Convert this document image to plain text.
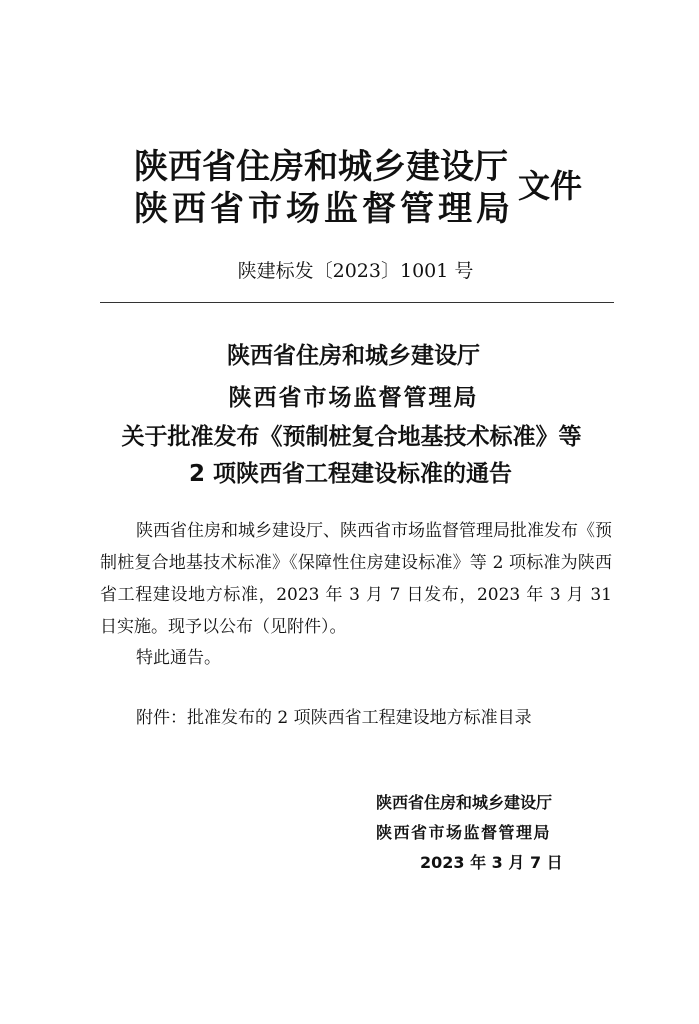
陕西省住房和城乡建设厅
陕西省市场监督管理局
文件
陕建标发〔2023〕1001 号
陕西省住房和城乡建设厅
陕西省市场监督管理局
关于批准发布《预制桩复合地基技术标准》等
2 项陕西省工程建设标准的通告
陕西省住房和城乡建设厅、陕西省市场监督管理局批准发布《预制桩复合地基技术标准》《保障性住房建设标准》等 2 项标准为陕西省工程建设地方标准，2023 年 3 月 7 日发布，2023 年 3 月 31 日实施。现予以公布（见附件）。
特此通告。
附件：批准发布的 2 项陕西省工程建设地方标准目录
陕西省住房和城乡建设厅
陕西省市场监督管理局
2023 年 3 月 7 日
